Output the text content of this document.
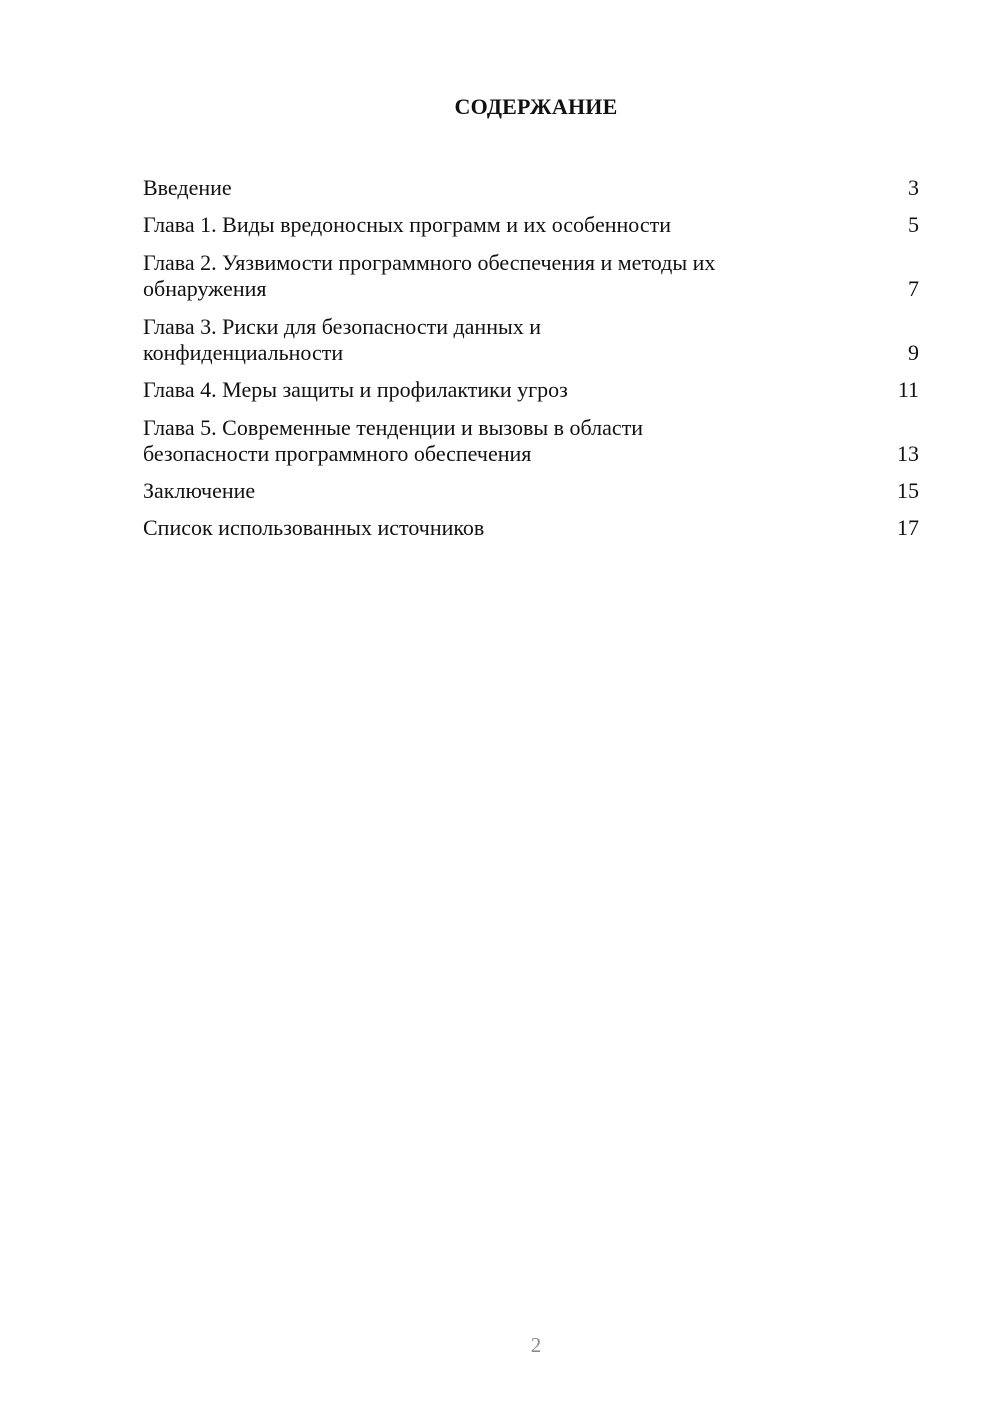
СОДЕРЖАНИЕ
Введение	3
Глава 1. Виды вредоносных программ и их особенности	5
Глава 2. Уязвимости программного обеспечения и методы их обнаружения	7
Глава 3. Риски для безопасности данных и конфиденциальности	9
Глава 4. Меры защиты и профилактики угроз	11
Глава 5. Современные тенденции и вызовы в области безопасности программного обеспечения	13
Заключение	15
Список использованных источников	17
2
